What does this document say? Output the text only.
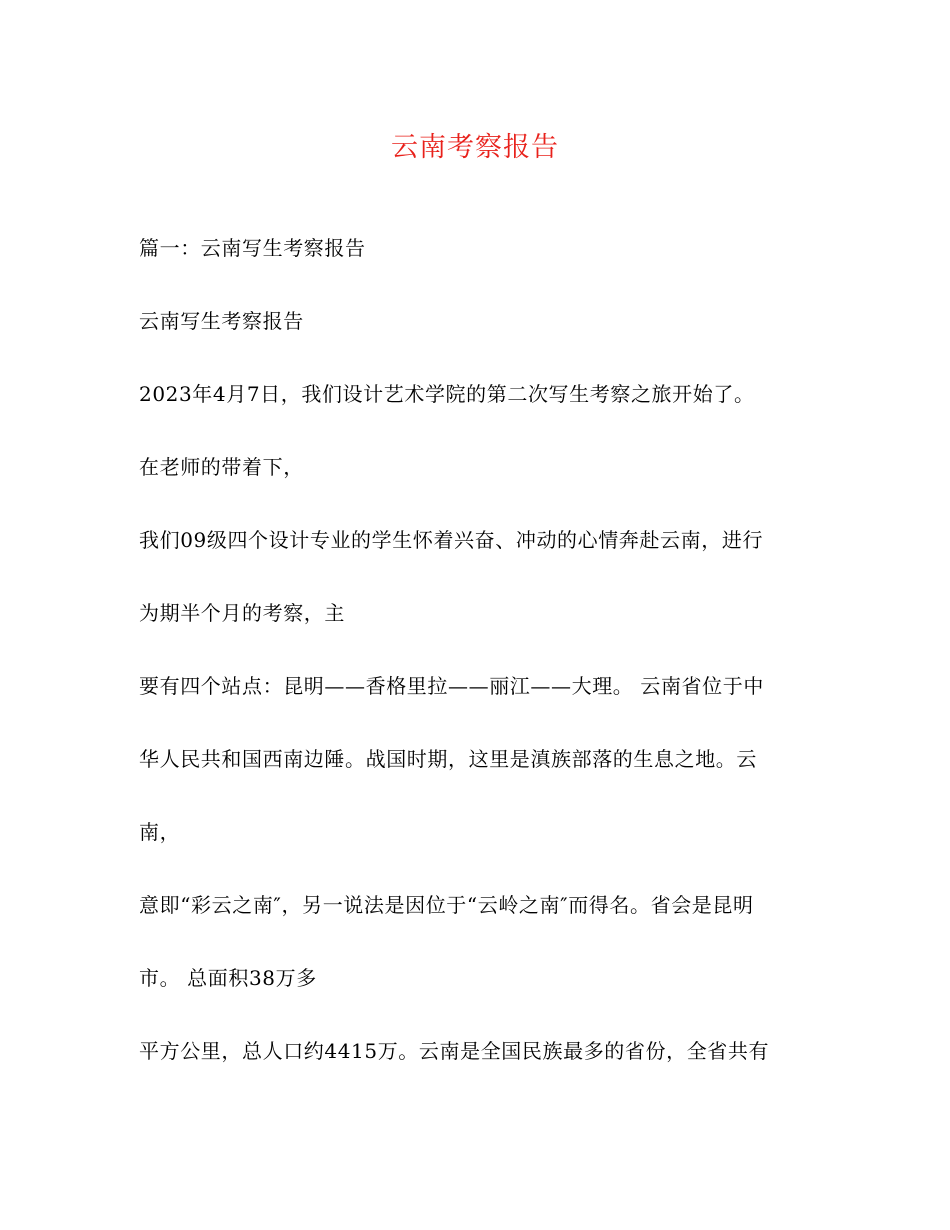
云南考察报告
篇一：云南写生考察报告
云南写生考察报告
2023年4月7日，我们设计艺术学院的第二次写生考察之旅开始了。
在老师的带着下，
我们09级四个设计专业的学生怀着兴奋、冲动的心情奔赴云南，进行
为期半个月的考察，主
要有四个站点：昆明——香格里拉——丽江——大理。 云南省位于中
华人民共和国西南边陲。战国时期，这里是滇族部落的生息之地。云
南，
意即“彩云之南″，另一说法是因位于“云岭之南″而得名。省会是昆明
市。 总面积38万多
平方公里，总人口约4415万。云南是全国民族最多的省份，全省共有
